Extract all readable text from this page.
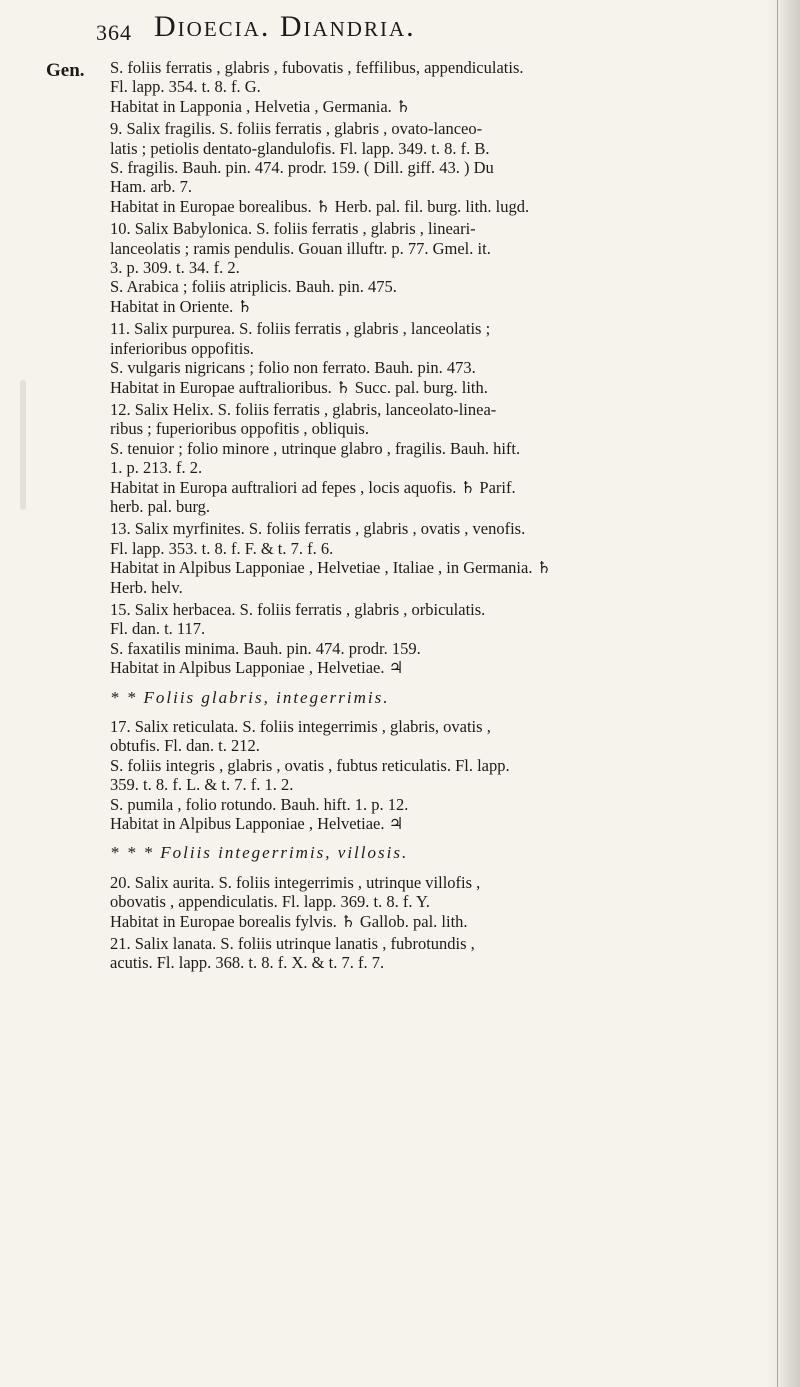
364 Dioecia. Diandria.
Gen. S. foliis ferratis , glabris , fubovatis , feffilibus, appendiculatis.
Fl. lapp. 354. t. 8. f. G.
Habitat in Lapponia , Helvetia , Germania. ♄
9. Salix fragilis. S. foliis ferratis , glabris , ovato-lanceo-
latis ; petiolis dentato-glandulofis. Fl. lapp. 349. t. 8. f. B.
S. fragilis. Bauh. pin. 474. prodr. 159. ( Dill. giff. 43. ) Du
Ham. arb. 7.
Habitat in Europae borealibus. ♄ Herb. pal. fil. burg. lith. lugd.
10. Salix Babylonica. S. foliis ferratis , glabris , lineari-
lanceolatis ; ramis pendulis. Gouan illuftr. p. 77. Gmel. it.
3. p. 309. t. 34. f. 2.
S. Arabica ; foliis atriplicis. Bauh. pin. 475.
Habitat in Oriente. ♄
11. Salix purpurea. S. foliis ferratis , glabris , lanceolatis ;
inferioribus oppofitis.
S. vulgaris nigricans ; folio non ferrato. Bauh. pin. 473.
Habitat in Europae auftralioribus. ♄ Succ. pal. burg. lith.
12. Salix Helix. S. foliis ferratis , glabris, lanceolato-linea-
ribus ; fuperioribus oppofitis , obliquis.
S. tenuior ; folio minore , utrinque glabro , fragilis. Bauh. hift.
1. p. 213. f. 2.
Habitat in Europa auftraliori ad fepes , locis aquofis. ♄ Parif.
herb. pal. burg.
13. Salix myrfinites. S. foliis ferratis , glabris , ovatis , venofis.
Fl. lapp. 353. t. 8. f. F. & t. 7. f. 6.
Habitat in Alpibus Lapponiae , Helvetiae , Italiae , in Germania. ♄
Herb. helv.
15. Salix herbacea. S. foliis ferratis , glabris , orbiculatis.
Fl. dan. t. 117.
S. faxatilis minima. Bauh. pin. 474. prodr. 159.
Habitat in Alpibus Lapponiae , Helvetiae. ♃
* * Foliis glabris, integerrimis.
17. Salix reticulata. S. foliis integerrimis , glabris, ovatis ,
obtufis. Fl. dan. t. 212.
S. foliis integris , glabris , ovatis , fubtus reticulatis. Fl. lapp.
359. t. 8. f. L. & t. 7. f. 1. 2.
S. pumila , folio rotundo. Bauh. hift. 1. p. 12.
Habitat in Alpibus Lapponiae , Helvetiae. ♃
* * * Foliis integerrimis, villosis.
20. Salix aurita. S. foliis integerrimis , utrinque villofis ,
obovatis , appendiculatis. Fl. lapp. 369. t. 8. f. Y.
Habitat in Europae borealis fylvis. ♄ Gallob. pal. lith.
21. Salix lanata. S. foliis utrinque lanatis , fubrotundis ,
acutis. Fl. lapp. 368. t. 8. f. X. & t. 7. f. 7.
